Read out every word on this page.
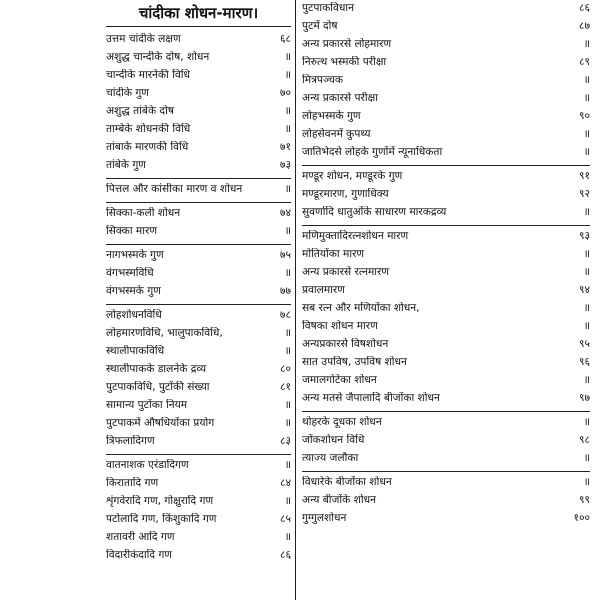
चांदीका शोधन-मारण।
उत्तम चांदीके लक्षण	६८
अशुद्ध चान्दीके दोष, शोधन	॥
चान्दीके मारनेकी विधि	॥
चांदीके गुण	७०
अशुद्ध तांबेके दोष	॥
ताम्बेके शोधनकी विधि	॥
तांबाके मारणकी विधि	७१
तांबेके गुण	७३
पित्तल और कांसीका मारण व शोधन	॥
सिक्का-कली शोधन	७४
सिक्का मारण	॥
नागभस्मके गुण	७५
वंगभस्मविधि	॥
वंगभस्मके गुण	७७
लोहशोधनविधि	७८
लोहमारणविधि, भालुपाकविधि,	॥
स्थालीपाकविधि	॥
स्थालीपाकके डालनेके द्रव्य	८०
पुटपाकविधि, पुटोंकी संख्या	८१
सामान्य पुटोंका नियम	॥
पुटपाकमें औषधियोंका प्रयोग	॥
त्रिफलादिगण	८३
वातनाशक एरंडादिगण	॥
किरातादि गण	८४
शृंगवेरादि गण, गोक्षुरादि गण	॥
पटोलादि गण, किंशुकादि गण	८५
शतावरी आदि गण	॥
विदारीकंदादि गण	८६
पुटपाकविधान	८६
पुटमें दोष	८७
अन्य प्रकारसे लोहमारण	॥
निरुत्थ भस्मकी परीक्षा	८९
मित्रपञ्चक	॥
अन्य प्रकारसे परीक्षा	॥
लोहभस्मके गुण	९०
लोहसेवनमें कुपथ्य	॥
जातिभेदसे लोहके गुणोंमें न्यूनाधिकता	॥
मण्डूर शोधन, मण्डूरके गुण	९१
मण्डूरमारण, गुणाधिक्य	९२
सुवर्णादि धातुओंके साधारण मारकद्रव्य	॥
मणिमुक्तादिरत्नशोधन मारण	९३
मोतियोंका मारण	॥
अन्य प्रकारसे रत्नमारण	॥
प्रवालमारण	९४
सब रत्न और मणियोंका शोधन,	॥
विषका शोधन मारण	॥
अन्यप्रकारसे विषशोधन	९५
सात उपविष, उपविष शोधन	९६
जमालगोटेका शोधन	॥
अन्य मतसे जैपालादि बीजोंका शोधन	९७
थोहरके दूधका शोधन	॥
जोंकशोधन विधि	९८
त्याज्य जलौका	॥
विधारेके बीजोंका शोधन	॥
अन्य बीजोंके शोधन	९९
गुग्गुलशोधन	१००
